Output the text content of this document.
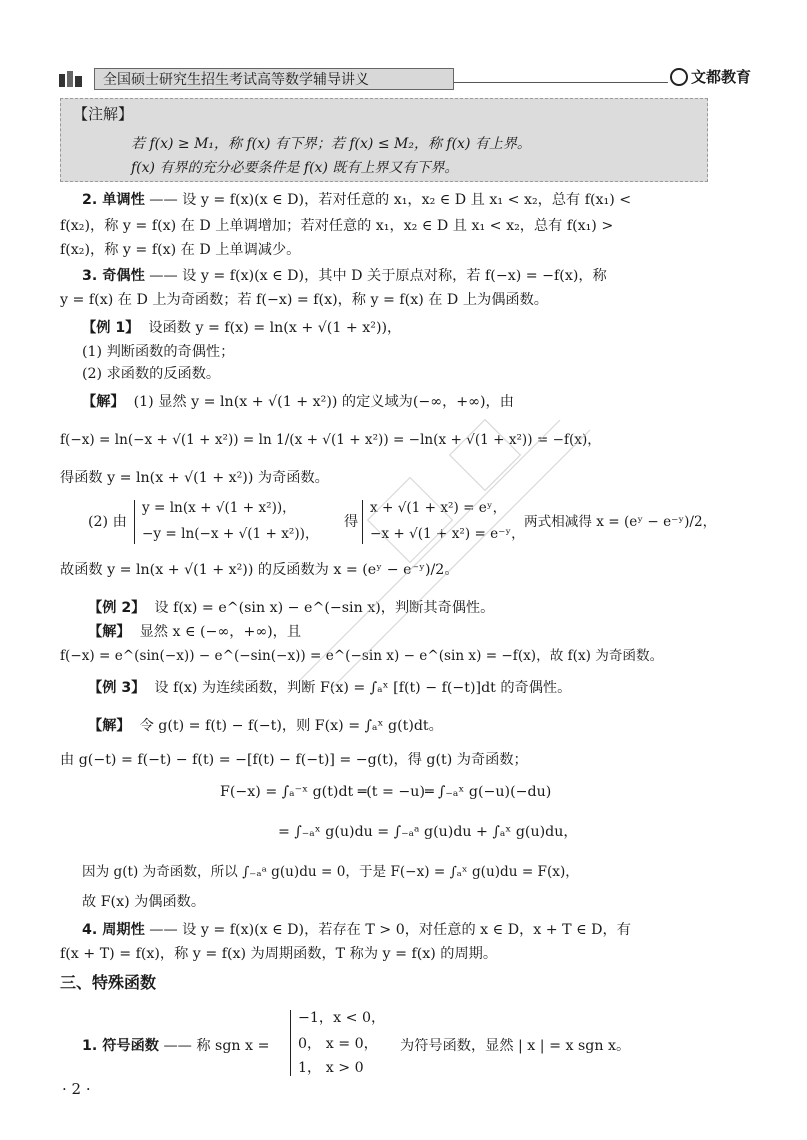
全国硕士研究生招生考试高等数学辅导讲义	文都教育
【注解】
若 f(x) ≥ M₁，称 f(x) 有下界；若 f(x) ≤ M₂，称 f(x) 有上界。
f(x) 有界的充分必要条件是 f(x) 既有上界又有下界。
2. 单调性 —— 设 y = f(x)(x ∈ D)，若对任意的 x₁，x₂ ∈ D 且 x₁ < x₂，总有 f(x₁) <
f(x₂)，称 y = f(x) 在 D 上单调增加；若对任意的 x₁，x₂ ∈ D 且 x₁ < x₂，总有 f(x₁) >
f(x₂)，称 y = f(x) 在 D 上单调减少。
3. 奇偶性 —— 设 y = f(x)(x ∈ D)，其中 D 关于原点对称，若 f(−x) = −f(x)，称
y = f(x) 在 D 上为奇函数；若 f(−x) = f(x)，称 y = f(x) 在 D 上为偶函数。
【例 1】 设函数 y = f(x) = ln(x + √(1 + x²))，
(1) 判断函数的奇偶性；
(2) 求函数的反函数。
【解】 (1) 显然 y = ln(x + √(1 + x²)) 的定义域为(−∞，+∞)，由
f(−x) = ln(−x + √(1 + x²)) = ln 1/(x + √(1 + x²)) = −ln(x + √(1 + x²)) = −f(x)，
得函数 y = ln(x + √(1 + x²)) 为奇函数。
(2) 由
y = ln(x + √(1 + x²))，
−y = ln(−x + √(1 + x²))，
得
x + √(1 + x²) = eʸ，
−x + √(1 + x²) = e⁻ʸ，
两式相减得 x = (eʸ − e⁻ʸ)/2，
故函数 y = ln(x + √(1 + x²)) 的反函数为 x = (eʸ − e⁻ʸ)/2。
【例 2】 设 f(x) = e^(sin x) − e^(−sin x)，判断其奇偶性。
【解】 显然 x ∈ (−∞，+∞)，且
f(−x) = e^(sin(−x)) − e^(−sin(−x)) = e^(−sin x) − e^(sin x) = −f(x)，故 f(x) 为奇函数。
【例 3】 设 f(x) 为连续函数，判断 F(x) = ∫ₐˣ [f(t) − f(−t)]dt 的奇偶性。
【解】 令 g(t) = f(t) − f(−t)，则 F(x) = ∫ₐˣ g(t)dt。
由 g(−t) = f(−t) − f(t) = −[f(t) − f(−t)] = −g(t)，得 g(t) 为奇函数；
F(−x) = ∫ₐ⁻ˣ g(t)dt ═(t = −u)═ ∫₋ₐˣ g(−u)(−du)
= ∫₋ₐˣ g(u)du = ∫₋ₐᵃ g(u)du + ∫ₐˣ g(u)du，
因为 g(t) 为奇函数，所以 ∫₋ₐᵃ g(u)du = 0，于是 F(−x) = ∫ₐˣ g(u)du = F(x)，
故 F(x) 为偶函数。
4. 周期性 —— 设 y = f(x)(x ∈ D)，若存在 T > 0，对任意的 x ∈ D，x + T ∈ D，有
f(x + T) = f(x)，称 y = f(x) 为周期函数，T 称为 y = f(x) 的周期。
三、特殊函数
1. 符号函数 —— 称 sgn x =
−1，x < 0，
0， x = 0，
1， x > 0
为符号函数，显然 | x | = x sgn x。
· 2 ·
